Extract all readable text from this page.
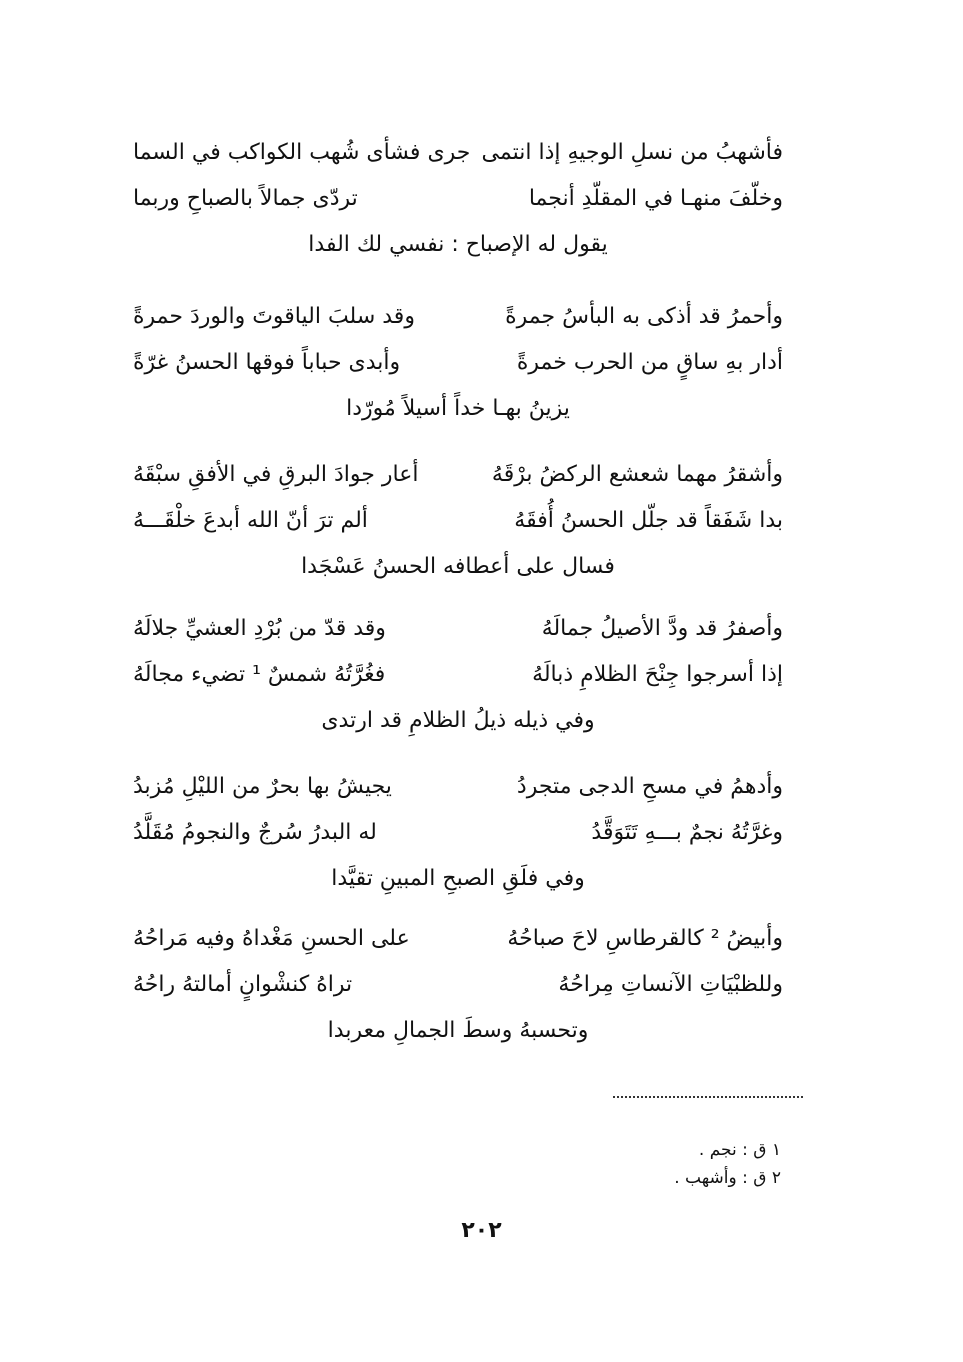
فأشهبُ من نسلِ الوجيهِ إذا انتمى
جرى فشأى شُهب الكواكب في السما
وخلّفَ منهـا في المقلّدِ أنجما
تردّى جمالاً بالصباحِ وربما
يقول له الإصباح : نفسي لك الفدا
وأحمرُ قد أذكى به البأسُ جمرةً
وقد سلبَ الياقوتَ والوردَ حمرةً
أدار بهِ ساقٍ من الحرب خمرةً
وأبدى حباباً فوقها الحسنُ غرّةً
يزينُ بهـا خداً أسيلاً مُورّدا
وأشقرُ مهما شعشع الركضُ برْقَهُ
أعار جوادَ البرقِ في الأفقِ سبْقَهُ
بدا شَفَقاً قد جلّل الحسنُ أُفقَهُ
ألم ترَ أنّ الله أبدعَ خلْقَـــهُ
فسال على أعطافه الحسنُ عَسْجَدا
وأصفرُ قد ودَّ الأصيلُ جمالَهُ
وقد قدّ من بُرْدِ العشيِّ جلالَهُ
إذا أسرجوا جِنْحَ الظلامِ ذبالَهُ
فغُرَّتُهُ شمسٌ ¹ تضيء مجالَهُ
وفي ذيله ذيلُ الظلامِ قد ارتدى
وأدهمُ في مسحِ الدجى متجردُ
يجيشُ بها بحرٌ من الليْلِ مُزبدُ
وغرَّتُهُ نجمٌ بـــهِ تَتَوَقَّدُ
له البدرُ سُرجٌ والنجومُ مُقَلَّدُ
وفي فلَقِ الصبحِ المبينِ تقيَّدا
وأبيضُ ² كالقرطاسِ لاحَ صباحُهُ
على الحسنِ مَغْداهُ وفيه مَراحُهُ
وللظبْيَاتِ الآنساتِ مِراحُهُ
تراهُ كنشْوانٍ أمالتهُ راحُهُ
وتحسبهُ وسطَ الجمالِ معربدا
١ ق : نجم .
٢ ق : وأشهب .
٢٠٢
